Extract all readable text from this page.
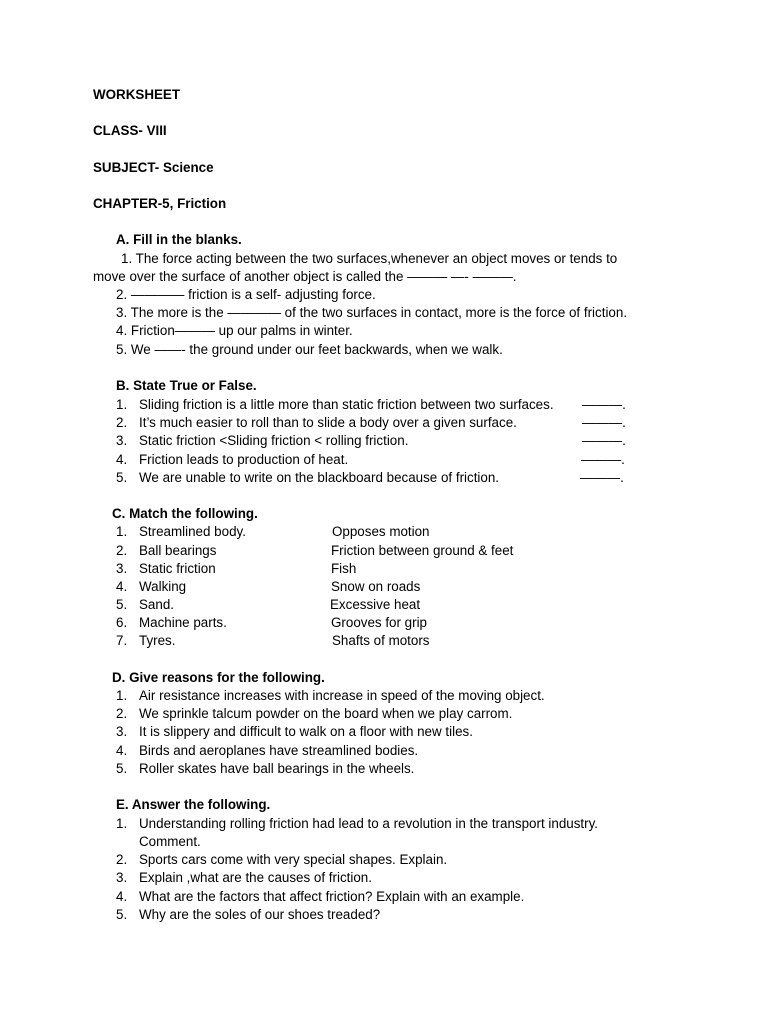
WORKSHEET
CLASS- VIII
SUBJECT- Science
CHAPTER-5, Friction
A. Fill in the blanks.
1. The force acting between the two surfaces,whenever an object moves or tends to
move over the surface of another object is called the ——— —- ———.
2. ———— friction is a self- adjusting force.
3. The more is the ———— of the two surfaces in contact, more is the force of friction.
4. Friction——— up our palms in winter.
5. We ——- the ground under our feet backwards, when we walk.
B. State True or False.
1. Sliding friction is a little more than static friction between two surfaces. ———.
2. It’s much easier to roll than to slide a body over a given surface.	———.
3. Static friction <Sliding friction < rolling friction.	———.
4. Friction leads to production of heat.	———.
5. We are unable to write on the blackboard because of friction.	———.
C. Match the following.
1. Streamlined body.	Opposes motion
2. Ball bearings	Friction between ground & feet
3. Static friction	Fish
4. Walking	Snow on roads
5. Sand.	Excessive heat
6. Machine parts.	Grooves for grip
7. Tyres.	Shafts of motors
D. Give reasons for the following.
1. Air resistance increases with increase in speed of the moving object.
2. We sprinkle talcum powder on the board when we play carrom.
3. It is slippery and difficult to walk on a floor with new tiles.
4. Birds and aeroplanes have streamlined bodies.
5. Roller skates have ball bearings in the wheels.
E. Answer the following.
1. Understanding rolling friction had lead to a revolution in the transport industry.
Comment.
2. Sports cars come with very special shapes. Explain.
3. Explain ,what are the causes of friction.
4. What are the factors that affect friction? Explain with an example.
5. Why are the soles of our shoes treaded?
